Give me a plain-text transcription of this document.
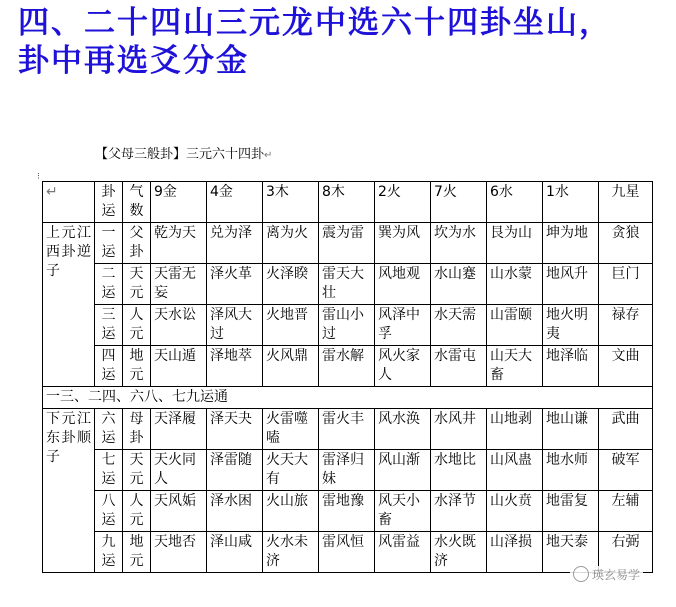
四、二十四山三元龙中选六十四卦坐山，
卦中再选爻分金
【父母三般卦】三元六十四卦↵
⁝
↵	卦运	气数	9金	4金	3木	8木	2火	7火	6水	1水	九星
上元江西卦逆子	一运	父卦	乾为天	兑为泽	离为火	震为雷	巽为风	坎为水	艮为山	坤为地	贪狼
	二运	天元	天雷无妄	泽火革	火泽睽	雷天大壮	风地观	水山蹇	山水蒙	地风升	巨门
	三运	人元	天水讼	泽风大过	火地晋	雷山小过	风泽中孚	水天需	山雷颐	地火明夷	禄存
	四运	地元	天山遁	泽地萃	火风鼎	雷水解	风火家人	水雷屯	山天大畜	地泽临	文曲
一三、二四、六八、七九运通											
下元江东卦顺子	六运	母卦	天泽履	泽天夬	火雷噬嗑	雷火丰	风水涣	水风井	山地剥	地山谦	武曲
	七运	天元	天火同人	泽雷随	火天大有	雷泽归妹	风山渐	水地比	山风蛊	地水师	破军
	八运	人元	天风姤	泽水困	火山旅	雷地豫	风天小畜	水泽节	山火贲	地雷复	左辅
	九运	地元	天地否	泽山咸	火水未济	雷风恒	风雷益	水火既济	山泽损	地天泰	右弼
瑛玄易学
